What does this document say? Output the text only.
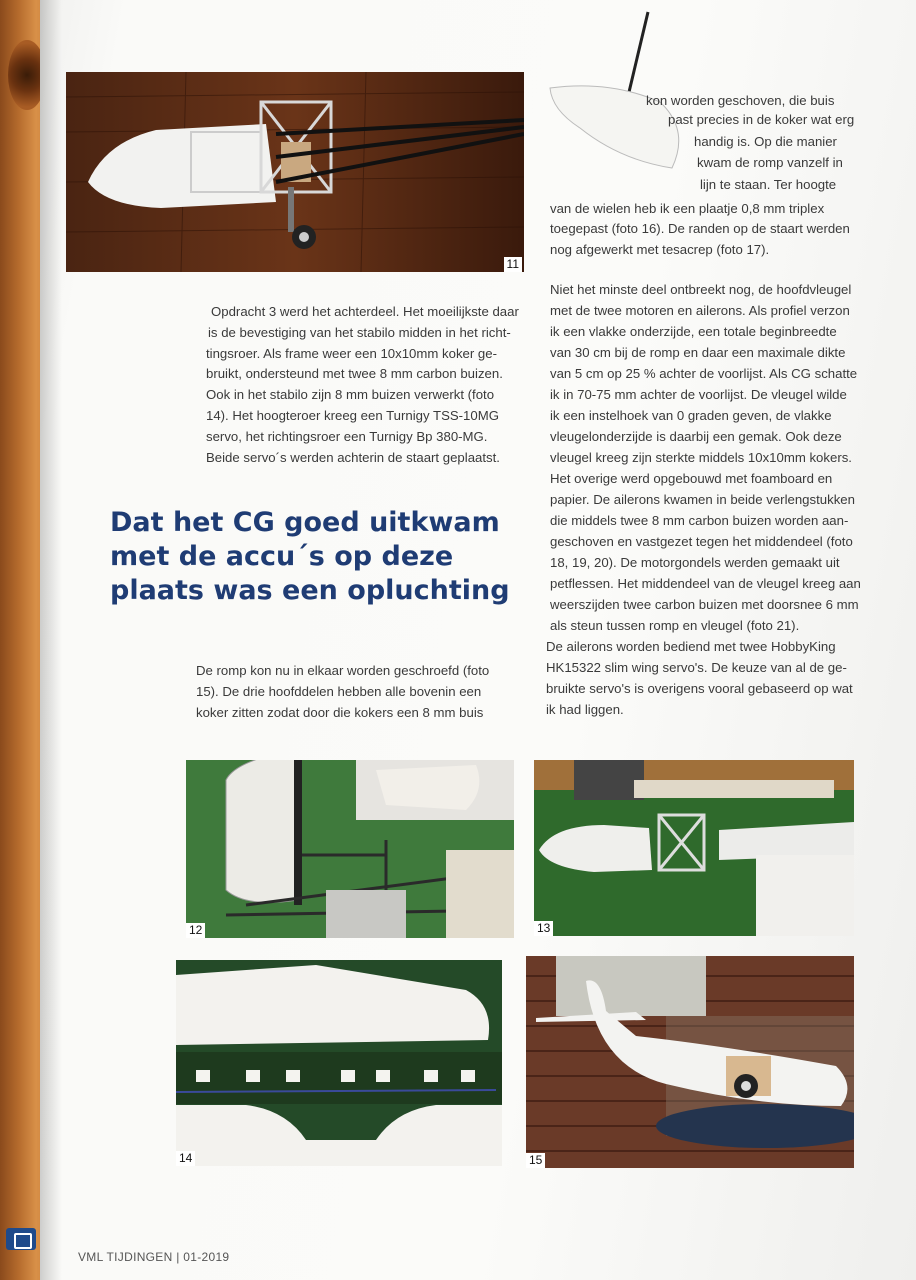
11

kon worden geschoven, die buis

past precies in de koker wat erg

handig is. Op die manier

kwam de romp vanzelf in

lijn te staan. Ter hoogte

van de wielen heb ik een plaatje 0,8 mm triplex

toegepast (foto 16). De randen op de staart werden

nog afgewerkt met tesacrep (foto 17).

Opdracht 3 werd het achterdeel. Het moeilijkste daar

is de bevestiging van het stabilo midden in het richt-

tingsroer. Als frame weer een 10x10mm koker ge-

bruikt, ondersteund met twee 8 mm carbon buizen.

Ook in het stabilo zijn 8 mm buizen verwerkt (foto

14). Het hoogteroer kreeg een Turnigy TSS-10MG

servo, het richtingsroer een Turnigy Bp 380-MG.

Beide servo´s werden achterin de staart geplaatst.

Dat het CG goed uitkwam
met de accu´s op deze
plaats was een opluchting

De romp kon nu in elkaar worden geschroefd (foto

15). De drie hoofddelen hebben alle bovenin een

koker zitten zodat door die kokers een 8 mm buis

Niet het minste deel ontbreekt nog, de hoofdvleugel

met de twee motoren en ailerons. Als profiel verzon

ik een vlakke onderzijde, een totale beginbreedte

van 30 cm bij de romp en daar een maximale dikte

van 5 cm op 25 % achter de voorlijst. Als CG schatte

ik in 70-75 mm achter de voorlijst. De vleugel wilde

ik een instelhoek van 0 graden geven, de vlakke

vleugelonderzijde is daarbij een gemak. Ook deze

vleugel kreeg zijn sterkte middels 10x10mm kokers.

Het overige werd opgebouwd met foamboard en

papier. De ailerons kwamen in beide verlengstukken

die middels twee 8 mm carbon buizen worden aan-

geschoven en vastgezet tegen het middendeel (foto

18, 19, 20). De motorgondels werden gemaakt uit

petflessen. Het middendeel van de vleugel kreeg aan

weerszijden twee carbon buizen met doorsnee 6 mm

als steun tussen romp en vleugel (foto 21).

De ailerons worden bediend met twee HobbyKing

HK15322 slim wing servo's. De keuze van al de ge-

bruikte servo's is overigens vooral gebaseerd op wat

ik had liggen.

12	13
14	15
VML TIJDINGEN | 01-2019
